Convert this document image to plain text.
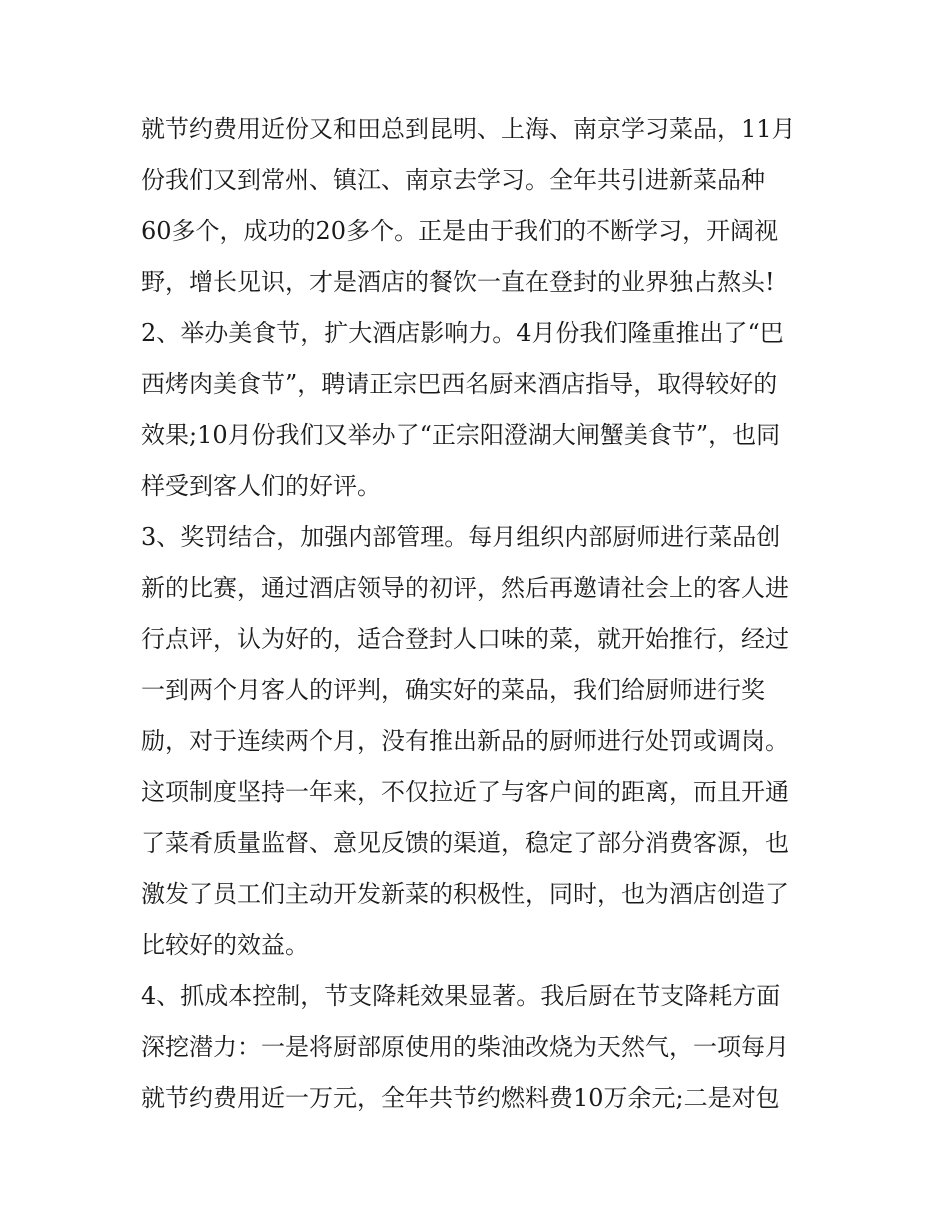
就节约费用近份又和田总到昆明、上海、南京学习菜品，11月
份我们又到常州、镇江、南京去学习。全年共引进新菜品种
60多个，成功的20多个。正是由于我们的不断学习，开阔视
野，增长见识，才是酒店的餐饮一直在登封的业界独占熬头!
2、举办美食节，扩大酒店影响力。4月份我们隆重推出了“巴
西烤肉美食节”，聘请正宗巴西名厨来酒店指导，取得较好的
效果;10月份我们又举办了“正宗阳澄湖大闸蟹美食节”，也同
样受到客人们的好评。
3、奖罚结合，加强内部管理。每月组织内部厨师进行菜品创
新的比赛，通过酒店领导的初评，然后再邀请社会上的客人进
行点评，认为好的，适合登封人口味的菜，就开始推行，经过
一到两个月客人的评判，确实好的菜品，我们给厨师进行奖
励，对于连续两个月，没有推出新品的厨师进行处罚或调岗。
这项制度坚持一年来，不仅拉近了与客户间的距离，而且开通
了菜肴质量监督、意见反馈的渠道，稳定了部分消费客源，也
激发了员工们主动开发新菜的积极性，同时，也为酒店创造了
比较好的效益。
4、抓成本控制，节支降耗效果显著。我后厨在节支降耗方面
深挖潜力：一是将厨部原使用的柴油改烧为天然气，一项每月
就节约费用近一万元，全年共节约燃料费10万余元;二是对包
